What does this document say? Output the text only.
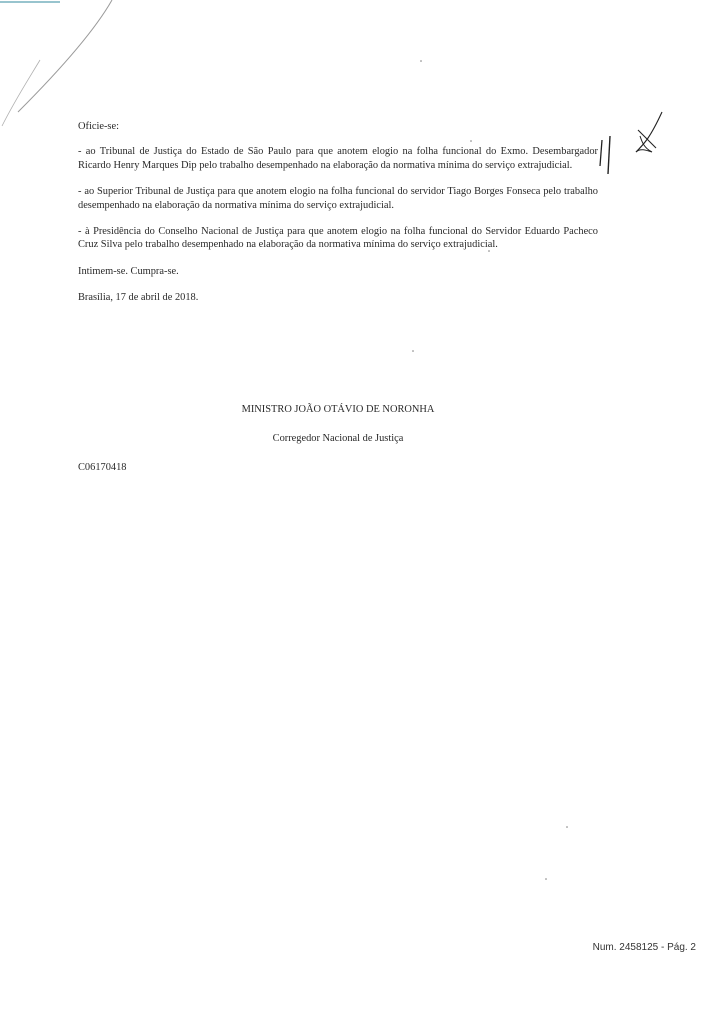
Oficie-se:

- ao Tribunal de Justiça do Estado de São Paulo para que anotem elogio na folha funcional do Exmo. Desembargador Ricardo Henry Marques Dip pelo trabalho desempenhado na elaboração da normativa mínima do serviço extrajudicial.

- ao Superior Tribunal de Justiça para que anotem elogio na folha funcional do servidor Tiago Borges Fonseca pelo trabalho desempenhado na elaboração da normativa mínima do serviço extrajudicial.

- à Presidência do Conselho Nacional de Justiça para que anotem elogio na folha funcional do Servidor Eduardo Pacheco Cruz Silva pelo trabalho desempenhado na elaboração da normativa mínima do serviço extrajudicial.

Intimem-se. Cumpra-se.

Brasília, 17 de abril de 2018.

MINISTRO JOÃO OTÁVIO DE NORONHA
Corregedor Nacional de Justiça
C06170418
Num. 2458125 - Pág. 2
